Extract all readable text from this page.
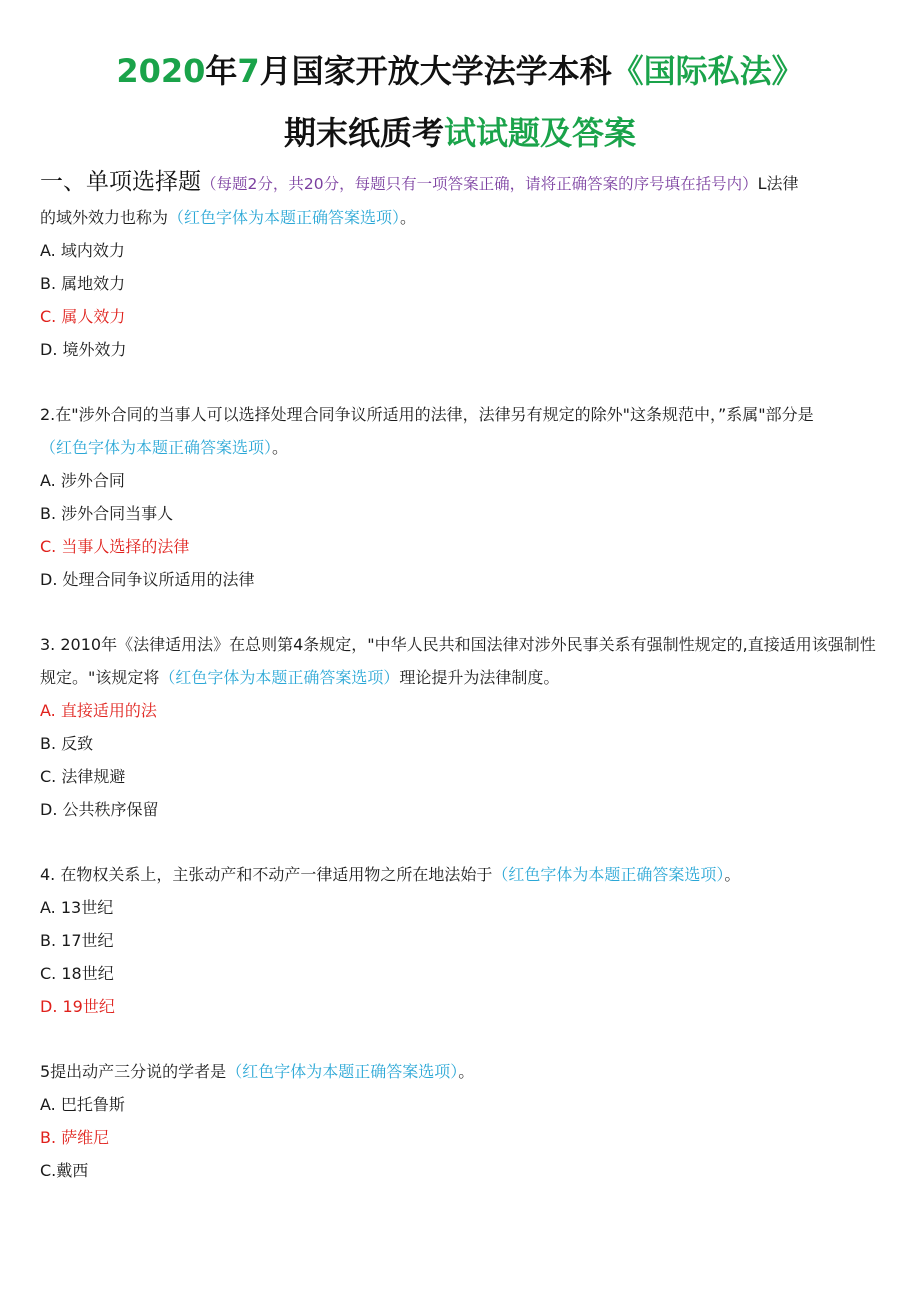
2020年7月国家开放大学法学本科《国际私法》
期末纸质考试试题及答案

一、单项选择题（每题2分，共20分，每题只有一项答案正确，请将正确答案的序号填在括号内）L法律
的域外效力也称为（红色字体为本题正确答案选项）。

A. 域内效力

B. 属地效力

C. 属人效力

D. 境外效力

2.在"涉外合同的当事人可以选择处理合同争议所适用的法律，法律另有规定的除外"这条规范中，”系属"部分是
（红色字体为本题正确答案选项）。

A. 涉外合同

B. 涉外合同当事人

C. 当事人选择的法律

D. 处理合同争议所适用的法律

3. 2010年《法律适用法》在总则第4条规定，"中华人民共和国法律对涉外民事关系有强制性规定的,直接适用该强制性规定。"该规定将（红色字体为本题正确答案选项）理论提升为法律制度。

A. 直接适用的法

B. 反致

C. 法律规避

D. 公共秩序保留

4. 在物权关系上，主张动产和不动产一律适用物之所在地法始于（红色字体为本题正确答案选项）。

A. 13世纪

B. 17世纪

C. 18世纪

D. 19世纪

5提出动产三分说的学者是（红色字体为本题正确答案选项）。

A. 巴托鲁斯

B. 萨维尼

C.戴西
